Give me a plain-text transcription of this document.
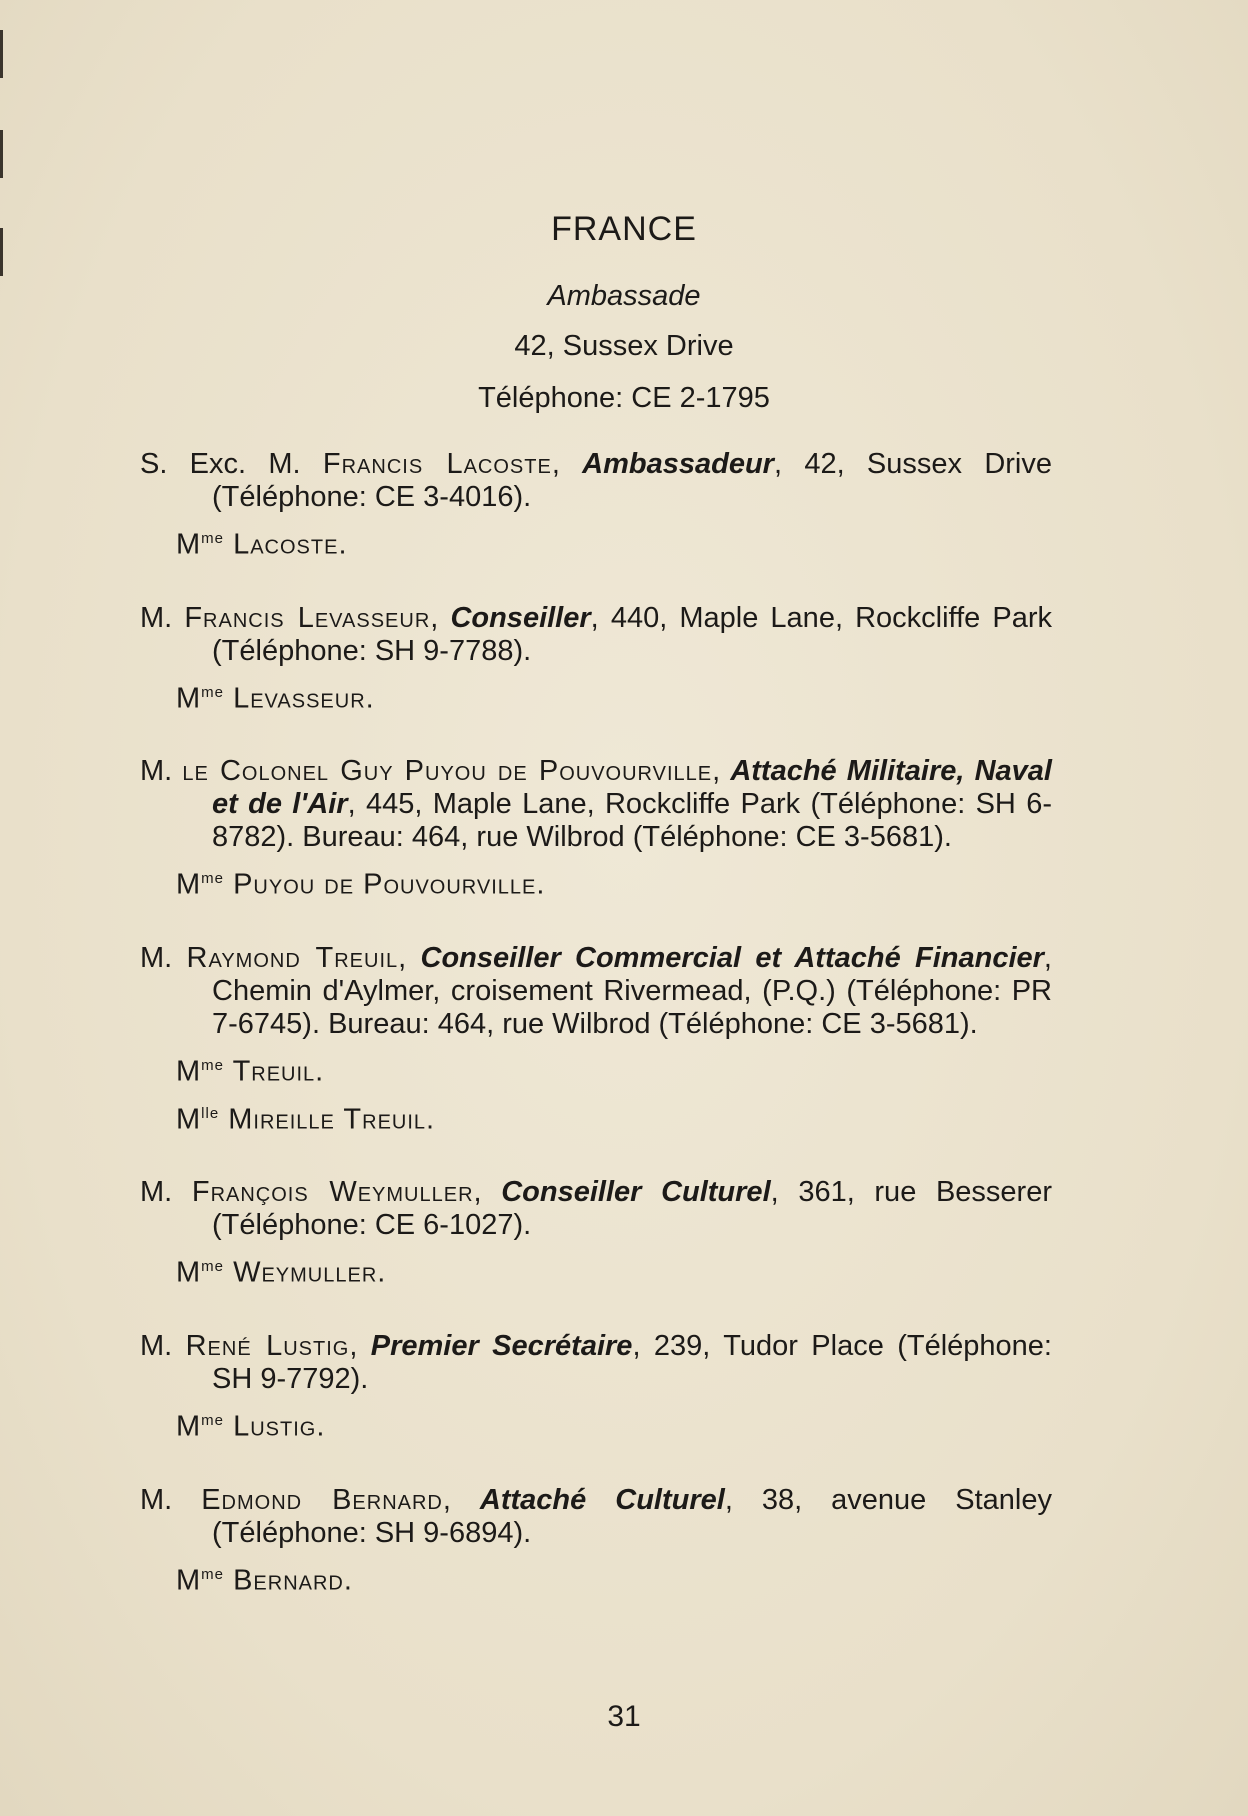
FRANCE
Ambassade
42, Sussex Drive
Téléphone: CE 2-1795

S. Exc. M. Francis Lacoste, Ambassadeur, 42, Sussex Drive (Téléphone: CE 3-4016).

$M^{me}$ Lacoste.

M. Francis Levasseur, Conseiller, 440, Maple Lane, Rockcliffe Park (Téléphone: SH 9-7788).

$M^{me}$ Levasseur.

M. le Colonel Guy Puyou de Pouvourville, Attaché Militaire, Naval et de l'Air, 445, Maple Lane, Rockcliffe Park (Téléphone: SH 6-8782). Bureau: 464, rue Wilbrod (Téléphone: CE 3-5681).

$M^{me}$ Puyou de Pouvourville.

M. Raymond Treuil, Conseiller Commercial et Attaché Financier, Chemin d'Aylmer, croisement Rivermead, (P.Q.) (Téléphone: PR 7-6745). Bureau: 464, rue Wilbrod (Téléphone: CE 3-5681).

$M^{me}$ Treuil.

$M^{lle}$ Mireille Treuil.

M. François Weymuller, Conseiller Culturel, 361, rue Besserer (Téléphone: CE 6-1027).

$M^{me}$ Weymuller.

M. René Lustig, Premier Secrétaire, 239, Tudor Place (Téléphone: SH 9-7792).

$M^{me}$ Lustig.

M. Edmond Bernard, Attaché Culturel, 38, avenue Stanley (Téléphone: SH 9-6894).

$M^{me}$ Bernard.

31
